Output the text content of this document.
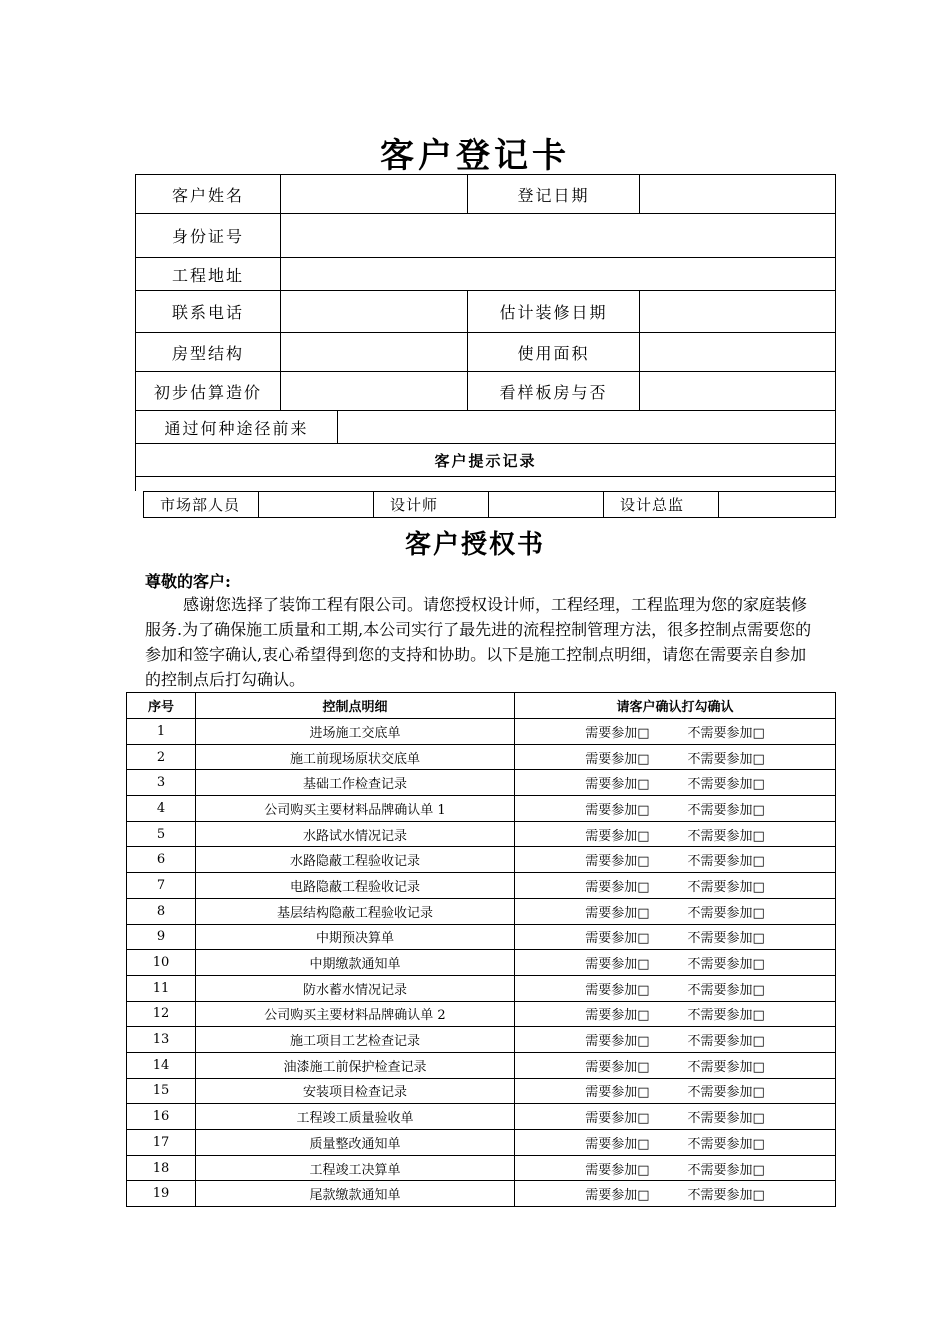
客户登记卡
客户姓名			登记日期	
身份证号				
工程地址				
联系电话			估计装修日期	
房型结构			使用面积	
初步估算造价			看样板房与否	
通过何种途径前来				
客户提示记录				

市场部人员		设计师		设计总监	
客户授权书
尊敬的客户:

感谢您选择了装饰工程有限公司。请您授权设计师，工程经理，工程监理为您的家庭装修服务.为了确保施工质量和工期,本公司实行了最先进的流程控制管理方法，很多控制点需要您的参加和签字确认,衷心希望得到您的支持和协助。以下是施工控制点明细，请您在需要亲自参加的控制点后打勾确认。

序号	控制点明细	请客户确认打勾确认
1	进场施工交底单	需要参加□ 不需要参加□
2	施工前现场原状交底单	需要参加□ 不需要参加□
3	基础工作检查记录	需要参加□ 不需要参加□
4	公司购买主要材料品牌确认单 1	需要参加□ 不需要参加□
5	水路试水情况记录	需要参加□ 不需要参加□
6	水路隐蔽工程验收记录	需要参加□ 不需要参加□
7	电路隐蔽工程验收记录	需要参加□ 不需要参加□
8	基层结构隐蔽工程验收记录	需要参加□ 不需要参加□
9	中期预决算单	需要参加□ 不需要参加□
10	中期缴款通知单	需要参加□ 不需要参加□
11	防水蓄水情况记录	需要参加□ 不需要参加□
12	公司购买主要材料品牌确认单 2	需要参加□ 不需要参加□
13	施工项目工艺检查记录	需要参加□ 不需要参加□
14	油漆施工前保护检查记录	需要参加□ 不需要参加□
15	安装项目检查记录	需要参加□ 不需要参加□
16	工程竣工质量验收单	需要参加□ 不需要参加□
17	质量整改通知单	需要参加□ 不需要参加□
18	工程竣工决算单	需要参加□ 不需要参加□
19	尾款缴款通知单	需要参加□ 不需要参加□
